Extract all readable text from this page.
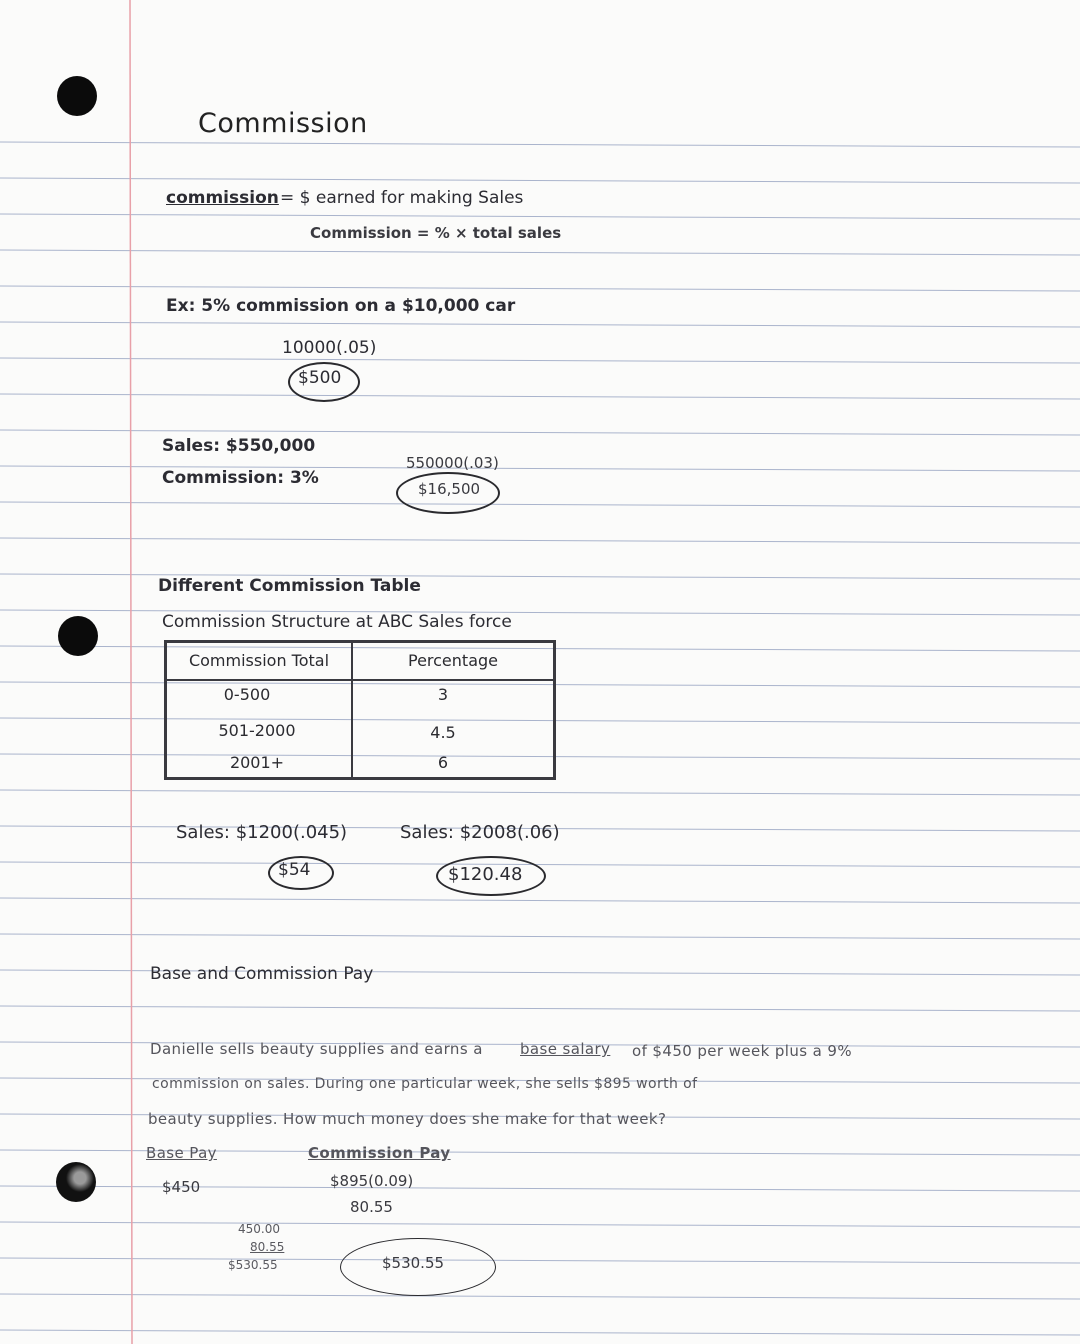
Commission
commission = $ earned for making Sales
Commission = % × total sales
Ex: 5% commission on a $10,000 car
10000(.05)
$500
Sales: $550,000
Commission: 3%
550000(.03)
$16,500
Different Commission Table
Commission Structure at ABC Sales force
Commission Total	Percentage
0-500	3
501-2000	4.5
2001+	6
Sales: $1200(.045)
$54
Sales: $2008(.06)
$120.48
Base and Commission Pay
Danielle sells beauty supplies and earns a base salary of $450 per week plus a 9%
commission on sales. During one particular week, she sells $895 worth of
beauty supplies. How much money does she make for that week?
Base Pay
$450
Commission Pay
$895(0.09)
80.55
450.00
80.55
$530.55	$530.55
